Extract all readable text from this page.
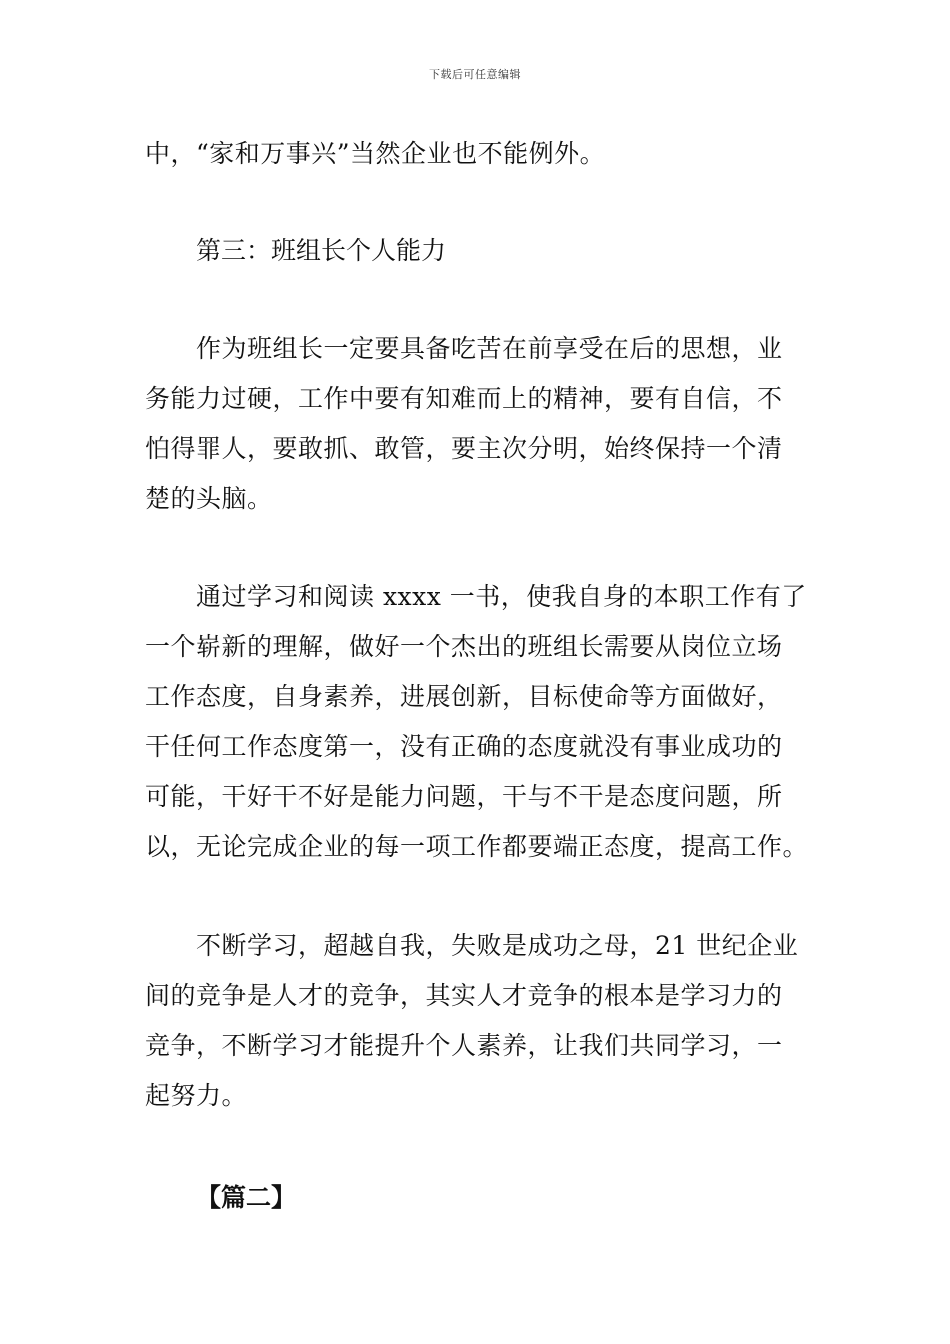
下载后可任意编辑
中，“家和万事兴”当然企业也不能例外。
第三：班组长个人能力
作为班组长一定要具备吃苦在前享受在后的思想，业
务能力过硬，工作中要有知难而上的精神，要有自信，不
怕得罪人，要敢抓、敢管，要主次分明，始终保持一个清
楚的头脑。
通过学习和阅读 xxxx 一书，使我自身的本职工作有了
一个崭新的理解，做好一个杰出的班组长需要从岗位立场
工作态度，自身素养，进展创新，目标使命等方面做好，
干任何工作态度第一，没有正确的态度就没有事业成功的
可能，干好干不好是能力问题，干与不干是态度问题，所
以，无论完成企业的每一项工作都要端正态度，提高工作。
不断学习，超越自我，失败是成功之母，21 世纪企业
间的竞争是人才的竞争，其实人才竞争的根本是学习力的
竞争，不断学习才能提升个人素养，让我们共同学习，一
起努力。
【篇二】
